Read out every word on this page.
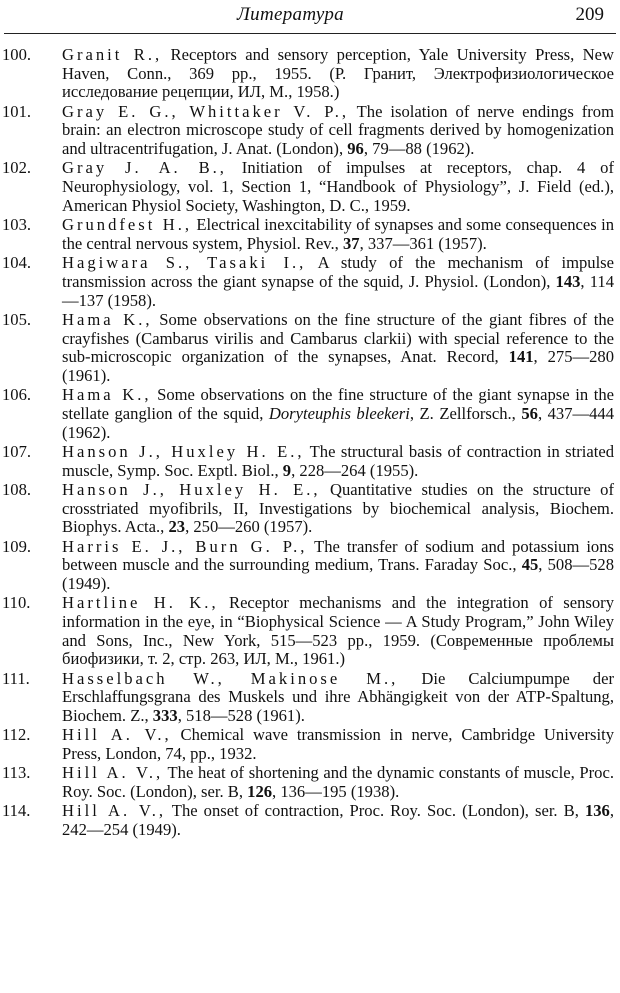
Литература	209
100. Granit R., Receptors and sensory perception, Yale University Press, New Haven, Conn., 369 pp., 1955. (Р. Гранит, Электрофизиологическое исследование рецепции, ИЛ, М., 1958.)
101. Gray E. G., Whittaker V. P., The isolation of nerve endings from brain: an electron microscope study of cell fragments derived by homogenization and ultracentrifugation, J. Anat. (London), 96, 79—88 (1962).
102. Gray J. A. B., Initiation of impulses at receptors, chap. 4 of Neurophysiology, vol. 1, Section 1, “Handbook of Physiology”, J. Field (ed.), American Physiol Society, Washington, D. C., 1959.
103. Grundfest H., Electrical inexcitability of synapses and some consequences in the central nervous system, Physiol. Rev., 37, 337—361 (1957).
104. Hagiwara S., Tasaki I., A study of the mechanism of impulse transmission across the giant synapse of the squid, J. Physiol. (London), 143, 114—137 (1958).
105. Hama K., Some observations on the fine structure of the giant fibres of the crayfishes (Cambarus virilis and Cambarus clarkii) with special reference to the sub-microscopic organization of the synapses, Anat. Record, 141, 275—280 (1961).
106. Hama K., Some observations on the fine structure of the giant synapse in the stellate ganglion of the squid, Doryteuphis bleekeri, Z. Zellforsch., 56, 437—444 (1962).
107. Hanson J., Huxley H. E., The structural basis of contraction in striated muscle, Symp. Soc. Exptl. Biol., 9, 228—264 (1955).
108. Hanson J., Huxley H. E., Quantitative studies on the structure of crosstriated myofibrils, II, Investigations by biochemical analysis, Biochem. Biophys. Acta., 23, 250—260 (1957).
109. Harris E. J., Burn G. P., The transfer of sodium and potassium ions between muscle and the surrounding medium, Trans. Faraday Soc., 45, 508—528 (1949).
110. Hartline H. K., Receptor mechanisms and the integration of sensory information in the eye, in “Biophysical Science — A Study Program,” John Wiley and Sons, Inc., New York, 515—523 pp., 1959. (Современные проблемы биофизики, т. 2, стр. 263, ИЛ, М., 1961.)
111. Hasselbach W., Makinose M., Die Calciumpumpe der Erschlaffungsgrana des Muskels und ihre Abhängigkeit von der ATP-Spaltung, Biochem. Z., 333, 518—528 (1961).
112. Hill A. V., Chemical wave transmission in nerve, Cambridge University Press, London, 74, pp., 1932.
113. Hill A. V., The heat of shortening and the dynamic constants of muscle, Proc. Roy. Soc. (London), ser. B, 126, 136—195 (1938).
114. Hill A. V., The onset of contraction, Proc. Roy. Soc. (London), ser. B, 136, 242—254 (1949).
